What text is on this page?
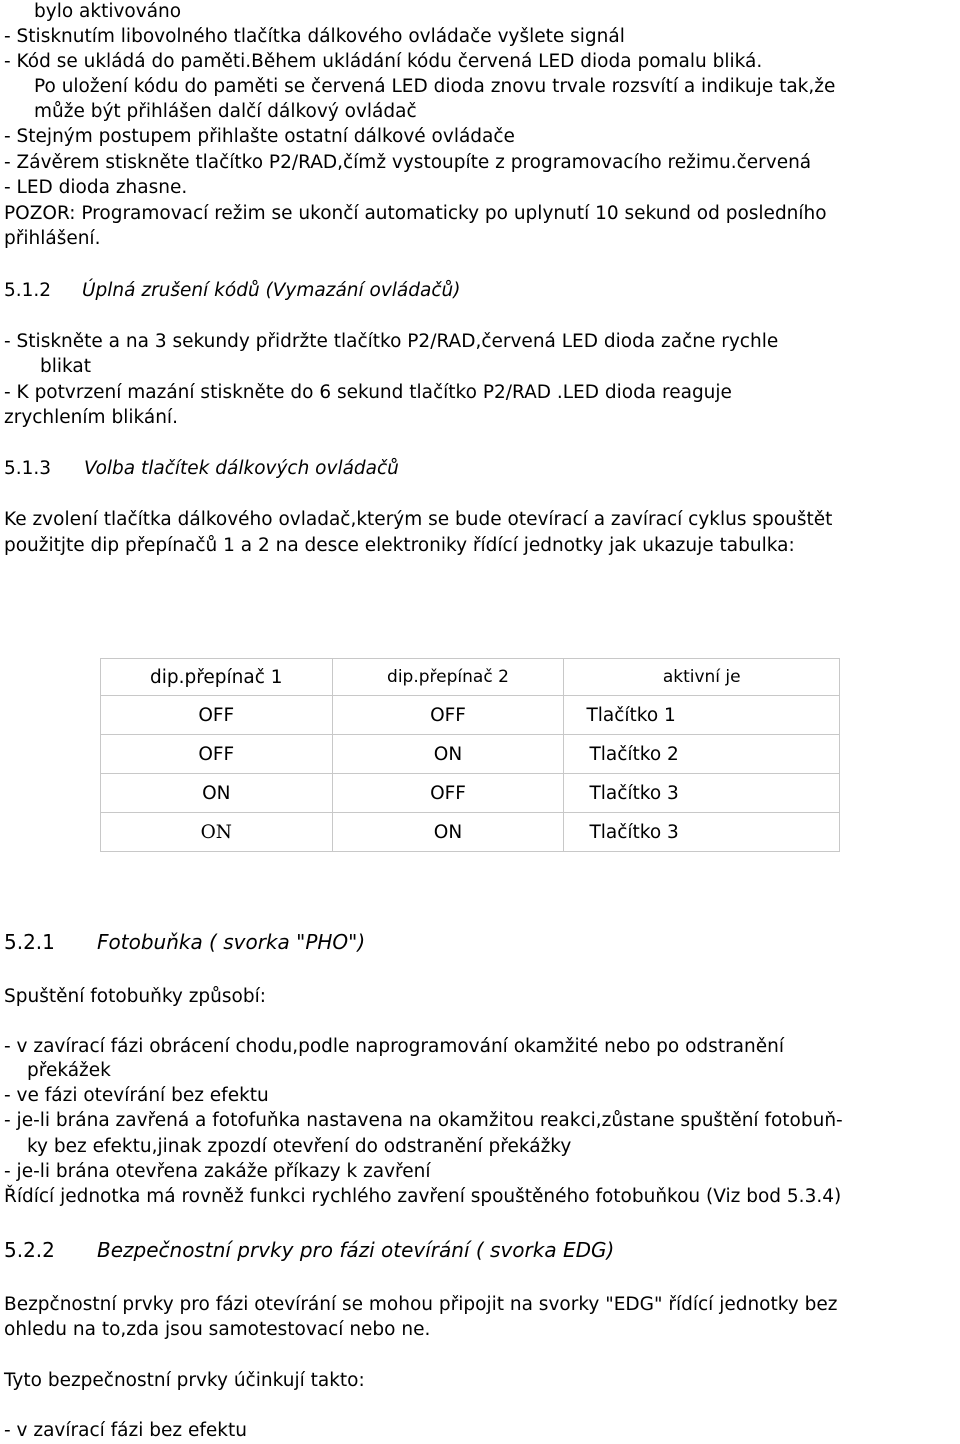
bylo aktivováno
- Stisknutím libovolného tlačítka dálkového ovládače vyšlete signál
- Kód se ukládá do paměti.Během ukládání kódu červená LED dioda pomalu bliká.
Po uložení kódu do paměti se červená LED dioda znovu trvale rozsvítí a indikuje tak,že
může být přihlášen dalčí dálkový ovládač
- Stejným postupem přihlašte ostatní dálkové ovládače
- Závěrem stiskněte tlačítko P2/RAD,čímž vystoupíte z programovacího režimu.červená
- LED dioda zhasne.
POZOR: Programovací režim se ukončí automaticky po uplynutí 10 sekund od posledního
přihlášení.
5.1.2 Úplná zrušení kódů (Vymazání ovládačů)
- Stiskněte a na 3 sekundy přidržte tlačítko P2/RAD,červená LED dioda začne rychle
blikat
- K potvrzení mazání stiskněte do 6 sekund tlačítko P2/RAD .LED dioda reaguje
zrychlením blikání.
5.1.3 Volba tlačítek dálkových ovládačů
Ke zvolení tlačítka dálkového ovladač,kterým se bude otevírací a zavírací cyklus spouštět
použitjte dip přepínačů 1 a 2 na desce elektroniky řídící jednotky jak ukazuje tabulka:
dip.přepínač 1	dip.přepínač 2	aktivní je
OFF	OFF	Tlačítko 1
OFF	ON	Tlačítko 2
ON	OFF	Tlačítko 3
ON	ON	Tlačítko 3
5.2.1 Fotobuňka ( svorka "PHO")
Spuštění fotobuňky způsobí:
- v zavírací fázi obrácení chodu,podle naprogramování okamžité nebo po odstranění
překážek
- ve fázi otevírání bez efektu
- je-li brána zavřená a fotofuňka nastavena na okamžitou reakci,zůstane spuštění fotobuň-
ky bez efektu,jinak zpozdí otevření do odstranění překážky
- je-li brána otevřena zakáže příkazy k zavření
Řídící jednotka má rovněž funkci rychlého zavření spouštěného fotobuňkou (Viz bod 5.3.4)
5.2.2 Bezpečnostní prvky pro fázi otevírání ( svorka EDG)
Bezpčnostní prvky pro fázi otevírání se mohou připojit na svorky "EDG" řídící jednotky bez
ohledu na to,zda jsou samotestovací nebo ne.
Tyto bezpečnostní prvky účinkují takto:
- v zavírací fázi bez efektu
